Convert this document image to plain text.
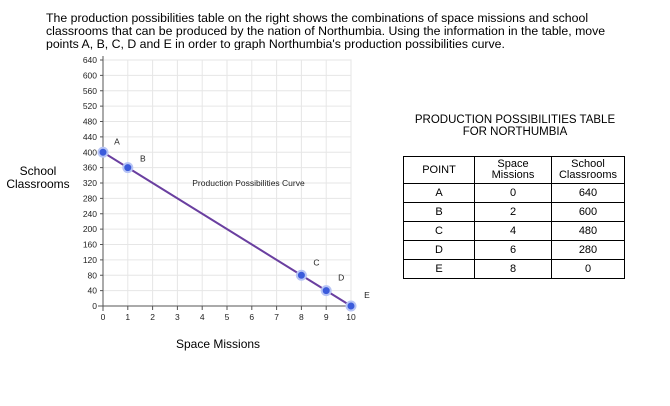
The production possibilities table on the right shows the combinations of space missions and school classrooms that can be produced by the nation of Northumbia. Using the information in the table, move points A, B, C, D and E in order to graph Northumbia's production possibilities curve.

School Classrooms
Space Missions
0
40
80
120
160
200
240
280
320
360
400
440
480
520
560
600
640
0 1 2 3 4 5 6 7 8 9 10
Production Possibilities Curve
A
B
C
D
E
PRODUCTION POSSIBILITIES TABLE
FOR NORTHUMBIA
POINT	Space Missions	School Classrooms
A	0	640
B	2	600
C	4	480
D	6	280
E	8	0
